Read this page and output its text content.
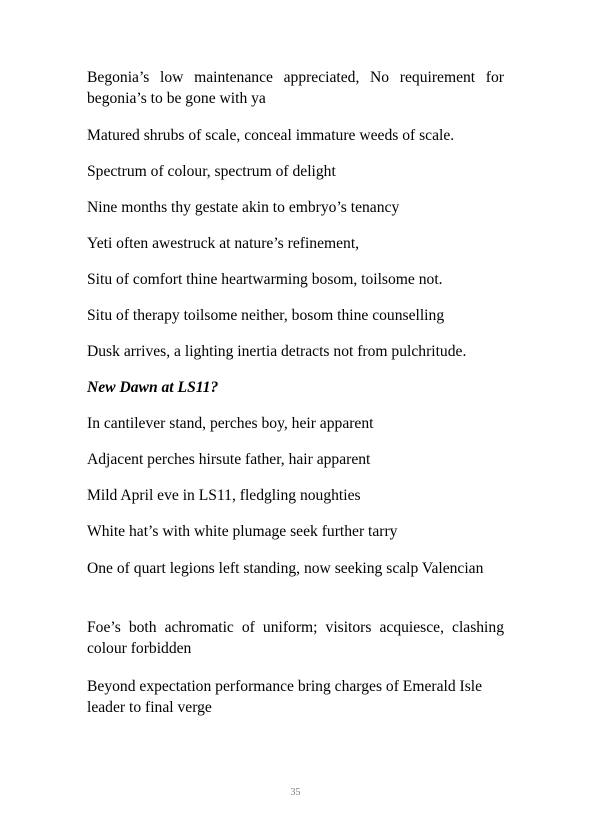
Begonia’s low maintenance appreciated, No requirement for begonia’s to be gone with ya

Matured shrubs of scale, conceal immature weeds of scale.

Spectrum of colour, spectrum of delight

Nine months thy gestate akin to embryo’s tenancy

Yeti often awestruck at nature’s refinement,

Situ of comfort thine heartwarming bosom, toilsome not.

Situ of therapy toilsome neither, bosom thine counselling

Dusk arrives, a lighting inertia detracts not from pulchritude.

New Dawn at LS11?

In cantilever stand, perches boy, heir apparent

Adjacent perches hirsute father, hair apparent

Mild April eve in LS11, fledgling noughties

White hat’s with white plumage seek further tarry

One of quart legions left standing, now seeking scalp Valencian

Foe’s both achromatic of uniform; visitors acquiesce, clashing colour forbidden

Beyond expectation performance bring charges of Emerald Isle leader to final verge

35
